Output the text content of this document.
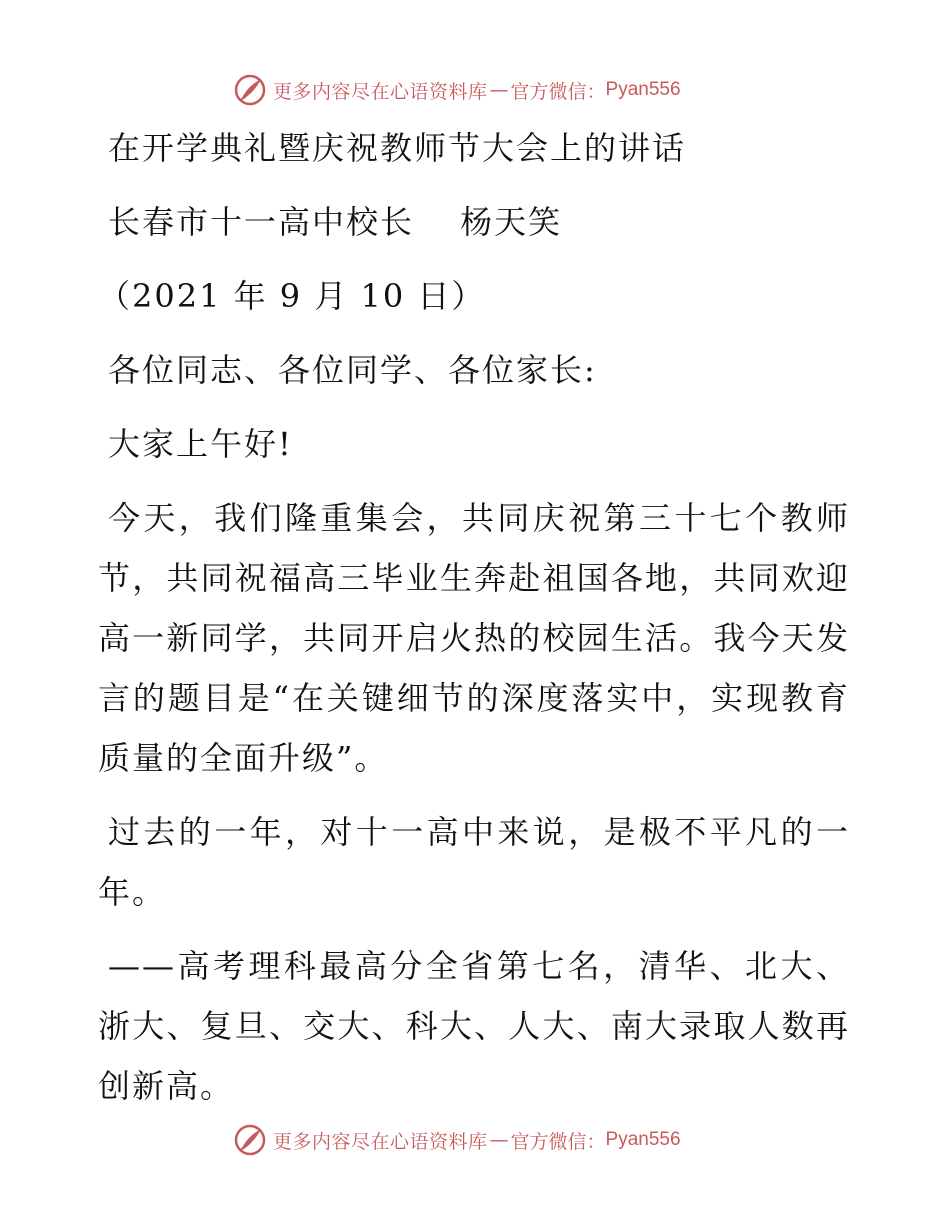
更多内容尽在心语资料库 — 官方微信： Pyan556
在开学典礼暨庆祝教师节大会上的讲话
长春市十一高中校长　 杨天笑
（2021 年 9 月 10 日）
各位同志、各位同学、各位家长:
大家上午好!
今天，我们隆重集会，共同庆祝第三十七个教师节，共同祝福高三毕业生奔赴祖国各地，共同欢迎高一新同学，共同开启火热的校园生活。我今天发言的题目是“在关键细节的深度落实中，实现教育质量的全面升级”。
过去的一年，对十一高中来说，是极不平凡的一年。
——高考理科最高分全省第七名，清华、北大、浙大、复旦、交大、科大、人大、南大录取人数再创新高。
更多内容尽在心语资料库 — 官方微信： Pyan556
